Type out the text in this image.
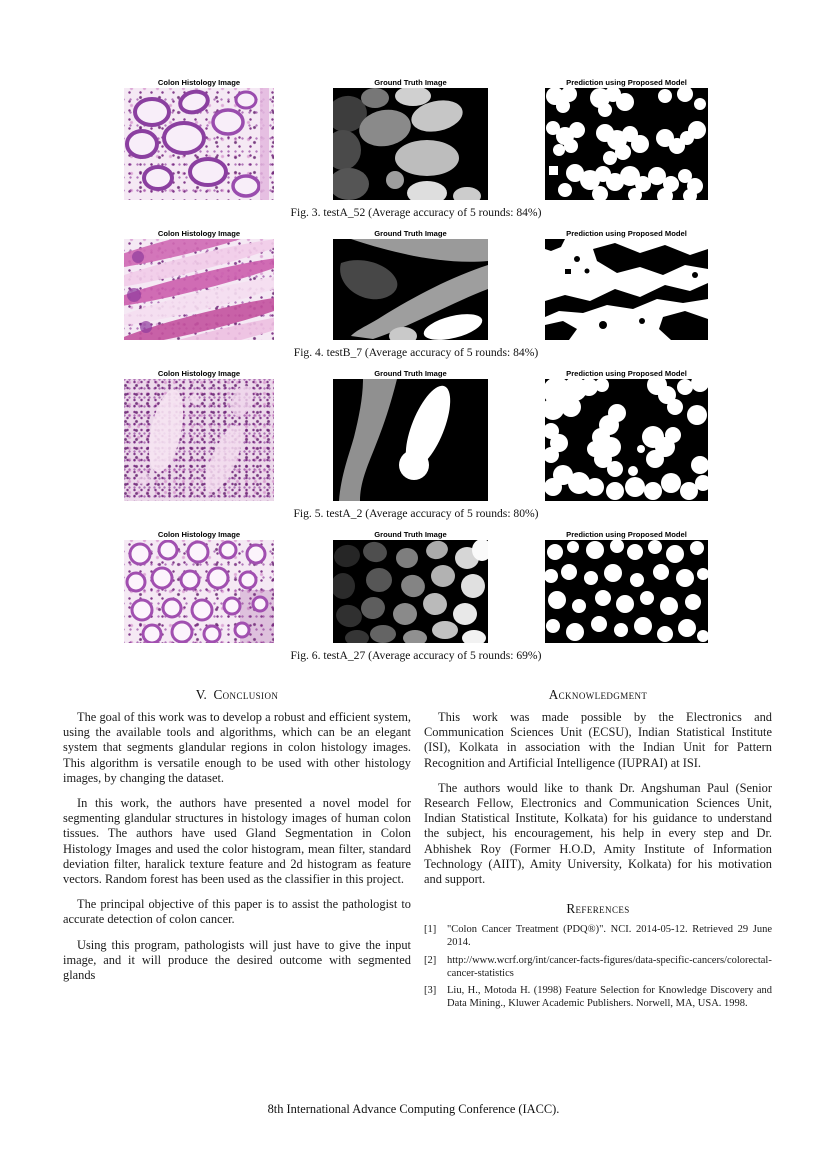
Colon Histology Image	Ground Truth Image	Prediction using Proposed Model
Fig. 3. testA_52 (Average accuracy of 5 rounds: 84%)
Colon Histology Image	Ground Truth Image	Prediction using Proposed Model
Fig. 4. testB_7 (Average accuracy of 5 rounds: 84%)
Colon Histology Image	Ground Truth Image	Prediction using Proposed Model
Fig. 5. testA_2 (Average accuracy of 5 rounds: 80%)
Colon Histology Image	Ground Truth Image	Prediction using Proposed Model
Fig. 6. testA_27 (Average accuracy of 5 rounds: 69%)
V. Conclusion

The goal of this work was to develop a robust and efficient system, using the available tools and algorithms, which can be an elegant system that segments glandular regions in colon histology images. This algorithm is versatile enough to be used with other histology images, by changing the dataset.

In this work, the authors have presented a novel model for segmenting glandular structures in histology images of human colon tissues. The authors have used Gland Segmentation in Colon Histology Images and used the color histogram, mean filter, standard deviation filter, haralick texture feature and 2d histogram as feature vectors. Random forest has been used as the classifier in this project.

The principal objective of this paper is to assist the pathologist to accurate detection of colon cancer.

Using this program, pathologists will just have to give the input image, and it will produce the desired outcome with segmented glands

Acknowledgment

This work was made possible by the Electronics and Communication Sciences Unit (ECSU), Indian Statistical Institute (ISI), Kolkata in association with the Indian Unit for Pattern Recognition and Artificial Intelligence (IUPRAI) at ISI.

The authors would like to thank Dr. Angshuman Paul (Senior Research Fellow, Electronics and Communication Sciences Unit, Indian Statistical Institute, Kolkata) for his guidance to understand the subject, his encouragement, his help in every step and Dr. Abhishek Roy (Former H.O.D, Amity Institute of Information Technology (AIIT), Amity University, Kolkata) for his motivation and support.

References
[1] "Colon Cancer Treatment (PDQ®)". NCI. 2014-05-12. Retrieved 29 June 2014.
[2] http://www.wcrf.org/int/cancer-facts-figures/data-specific-cancers/colorectal-cancer-statistics
[3] Liu, H., Motoda H. (1998) Feature Selection for Knowledge Discovery and Data Mining., Kluwer Academic Publishers. Norwell, MA, USA. 1998.
8th International Advance Computing Conference (IACC).
